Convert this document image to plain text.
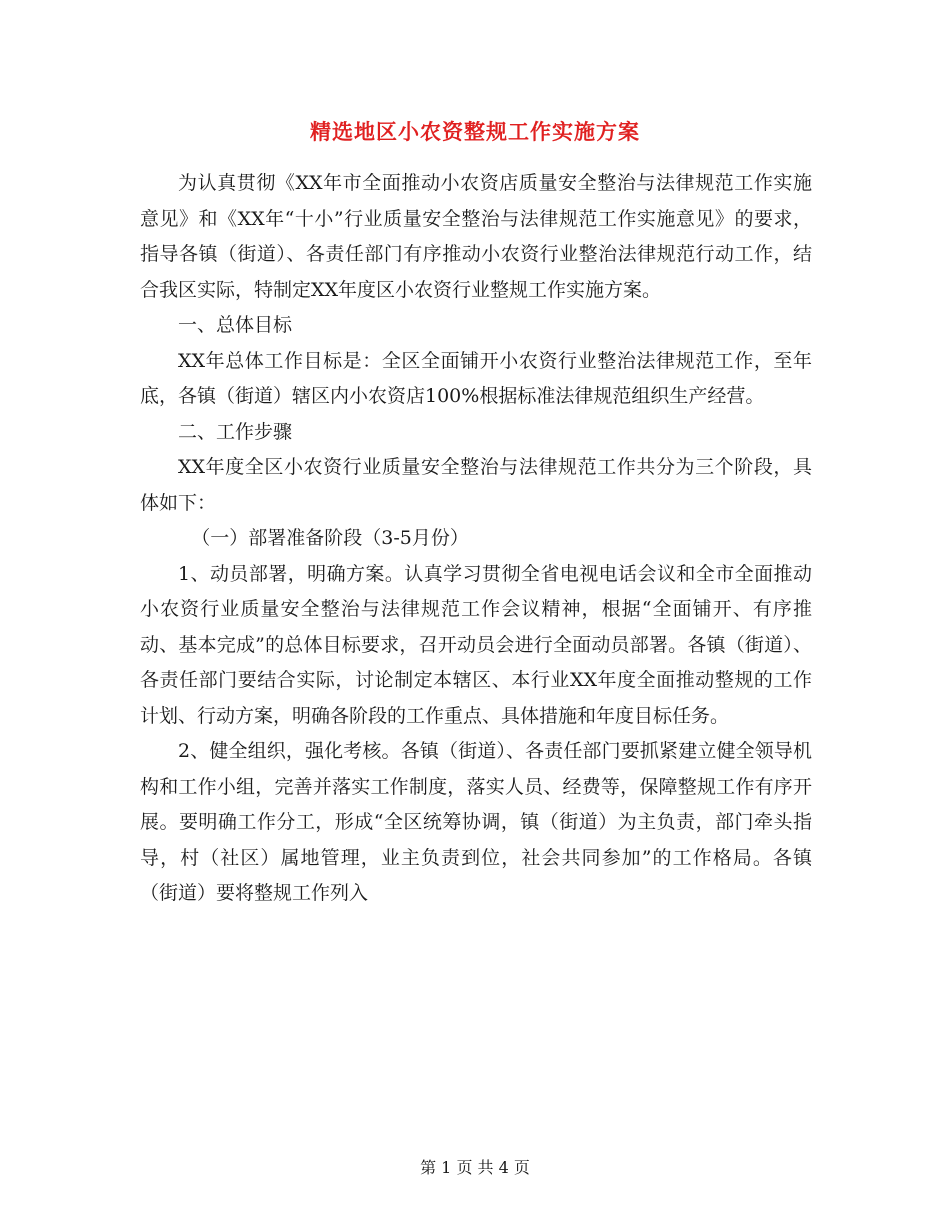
精选地区小农资整规工作实施方案

为认真贯彻《XX年市全面推动小农资店质量安全整治与法律规范工作实施意见》和《XX年“十小”行业质量安全整治与法律规范工作实施意见》的要求，指导各镇（街道）、各责任部门有序推动小农资行业整治法律规范行动工作，结合我区实际，特制定XX年度区小农资行业整规工作实施方案。

一、总体目标

XX年总体工作目标是：全区全面铺开小农资行业整治法律规范工作，至年底，各镇（街道）辖区内小农资店100%根据标准法律规范组织生产经营。

二、工作步骤

XX年度全区小农资行业质量安全整治与法律规范工作共分为三个阶段，具体如下：

（一）部署准备阶段（3-5月份）

1、动员部署，明确方案。认真学习贯彻全省电视电话会议和全市全面推动小农资行业质量安全整治与法律规范工作会议精神，根据“全面铺开、有序推动、基本完成”的总体目标要求，召开动员会进行全面动员部署。各镇（街道）、各责任部门要结合实际，讨论制定本辖区、本行业XX年度全面推动整规的工作计划、行动方案，明确各阶段的工作重点、具体措施和年度目标任务。

2、健全组织，强化考核。各镇（街道）、各责任部门要抓紧建立健全领导机构和工作小组，完善并落实工作制度，落实人员、经费等，保障整规工作有序开展。要明确工作分工，形成“全区统筹协调，镇（街道）为主负责，部门牵头指导，村（社区）属地管理，业主负责到位，社会共同参加”的工作格局。各镇（街道）要将整规工作列入

第 1 页 共 4 页
